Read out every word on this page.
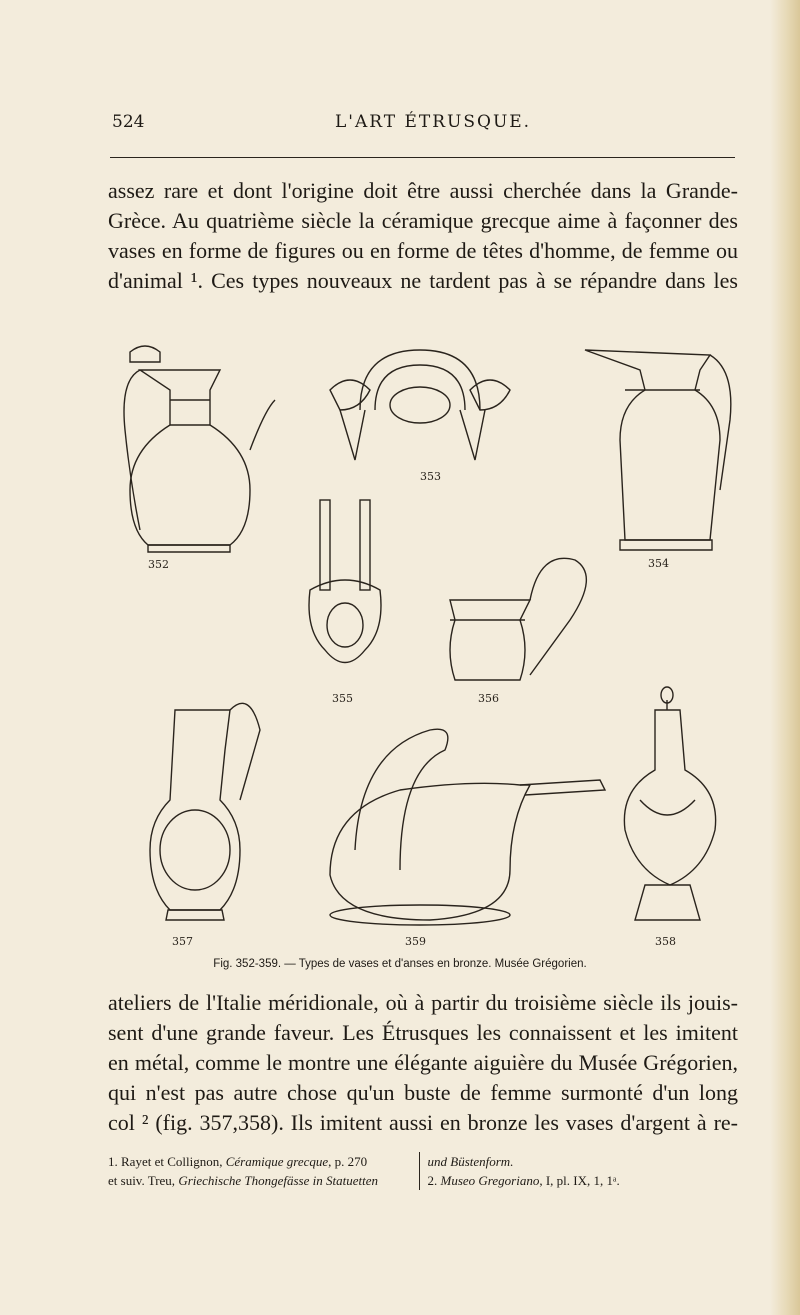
524	L'ART ÉTRUSQUE.

assez rare et dont l'origine doit être aussi cherchée dans la Grande-
Grèce. Au quatrième siècle la céramique grecque aime à façonner des
vases en forme de figures ou en forme de têtes d'homme, de femme ou
d'animal ¹. Ces types nouveaux ne tardent pas à se répandre dans les

352
353
354
355	356
357	359	358
Fig. 352-359. — Types de vases et d'anses en bronze. Musée Grégorien.

ateliers de l'Italie méridionale, où à partir du troisième siècle ils jouis-
sent d'une grande faveur. Les Étrusques les connaissent et les imitent
en métal, comme le montre une élégante aiguière du Musée Grégorien,
qui n'est pas autre chose qu'un buste de femme surmonté d'un long
col ² (fig. 357,358). Ils imitent aussi en bronze les vases d'argent à re-

1. Rayet et Collignon, Céramique grecque, p. 270
et suiv. Treu, Griechische Thongefässe in Statuetten
und Büstenform.
2. Museo Gregoriano, I, pl. IX, 1, 1ᵃ.
